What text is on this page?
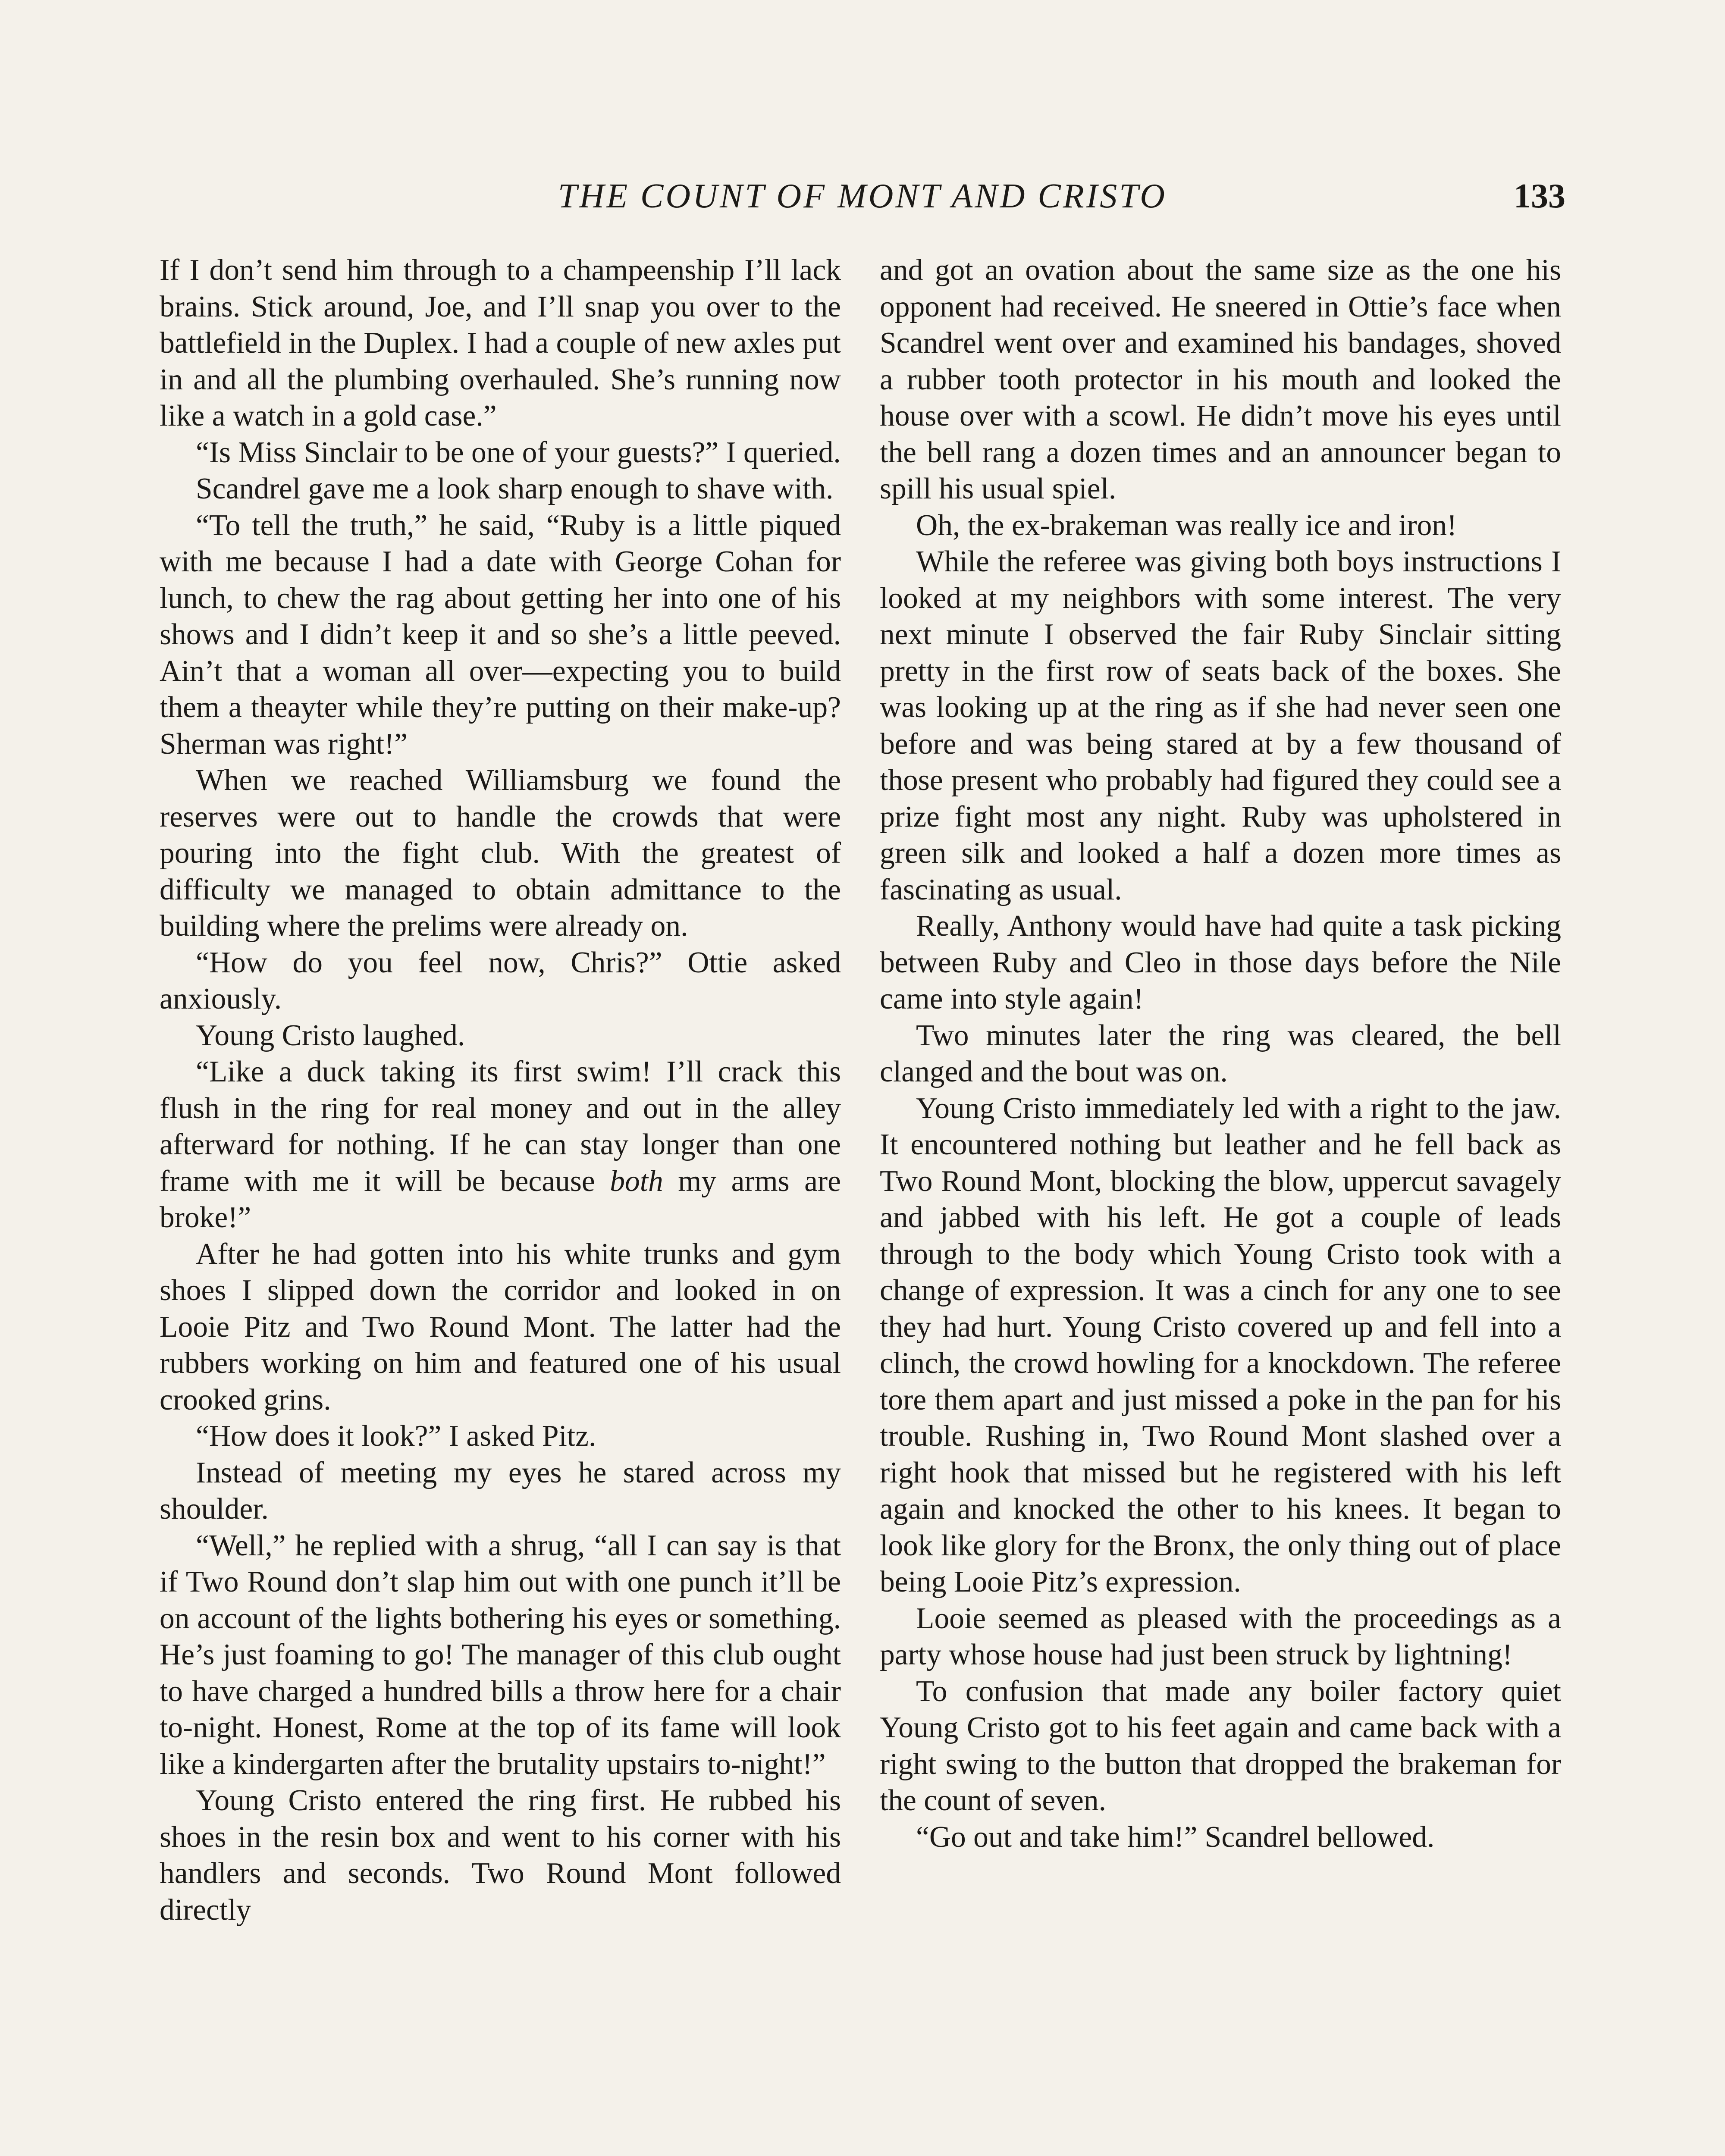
THE COUNT OF MONT AND CRISTO	133

If I don’t send him through to a champeenship I’ll lack brains. Stick around, Joe, and I’ll snap you over to the battlefield in the Duplex. I had a couple of new axles put in and all the plumbing overhauled. She’s running now like a watch in a gold case.”

“Is Miss Sinclair to be one of your guests?” I queried.

Scandrel gave me a look sharp enough to shave with.

“To tell the truth,” he said, “Ruby is a little piqued with me because I had a date with George Cohan for lunch, to chew the rag about getting her into one of his shows and I didn’t keep it and so she’s a little peeved. Ain’t that a woman all over—expecting you to build them a theayter while they’re putting on their make-up? Sherman was right!”

When we reached Williamsburg we found the reserves were out to handle the crowds that were pouring into the fight club. With the greatest of difficulty we managed to obtain admittance to the building where the prelims were already on.

“How do you feel now, Chris?” Ottie asked anxiously.

Young Cristo laughed.

“Like a duck taking its first swim! I’ll crack this flush in the ring for real money and out in the alley afterward for nothing. If he can stay longer than one frame with me it will be because both my arms are broke!”

After he had gotten into his white trunks and gym shoes I slipped down the corridor and looked in on Looie Pitz and Two Round Mont. The latter had the rubbers working on him and featured one of his usual crooked grins.

“How does it look?” I asked Pitz.

Instead of meeting my eyes he stared across my shoulder.

“Well,” he replied with a shrug, “all I can say is that if Two Round don’t slap him out with one punch it’ll be on account of the lights bothering his eyes or something. He’s just foaming to go! The manager of this club ought to have charged a hundred bills a throw here for a chair to-night. Honest, Rome at the top of its fame will look like a kindergarten after the brutality upstairs to-night!”

Young Cristo entered the ring first. He rubbed his shoes in the resin box and went to his corner with his handlers and seconds. Two Round Mont followed directly

and got an ovation about the same size as the one his opponent had received. He sneered in Ottie’s face when Scandrel went over and examined his bandages, shoved a rubber tooth protector in his mouth and looked the house over with a scowl. He didn’t move his eyes until the bell rang a dozen times and an announcer began to spill his usual spiel.

Oh, the ex-brakeman was really ice and iron!

While the referee was giving both boys instructions I looked at my neighbors with some interest. The very next minute I observed the fair Ruby Sinclair sitting pretty in the first row of seats back of the boxes. She was looking up at the ring as if she had never seen one before and was being stared at by a few thousand of those present who probably had figured they could see a prize fight most any night. Ruby was upholstered in green silk and looked a half a dozen more times as fascinating as usual.

Really, Anthony would have had quite a task picking between Ruby and Cleo in those days before the Nile came into style again!

Two minutes later the ring was cleared, the bell clanged and the bout was on.

Young Cristo immediately led with a right to the jaw. It encountered nothing but leather and he fell back as Two Round Mont, blocking the blow, uppercut savagely and jabbed with his left. He got a couple of leads through to the body which Young Cristo took with a change of expression. It was a cinch for any one to see they had hurt. Young Cristo covered up and fell into a clinch, the crowd howling for a knockdown. The referee tore them apart and just missed a poke in the pan for his trouble. Rushing in, Two Round Mont slashed over a right hook that missed but he registered with his left again and knocked the other to his knees. It began to look like glory for the Bronx, the only thing out of place being Looie Pitz’s expression.

Looie seemed as pleased with the proceedings as a party whose house had just been struck by lightning!

To confusion that made any boiler factory quiet Young Cristo got to his feet again and came back with a right swing to the button that dropped the brakeman for the count of seven.

“Go out and take him!” Scandrel bellowed.
